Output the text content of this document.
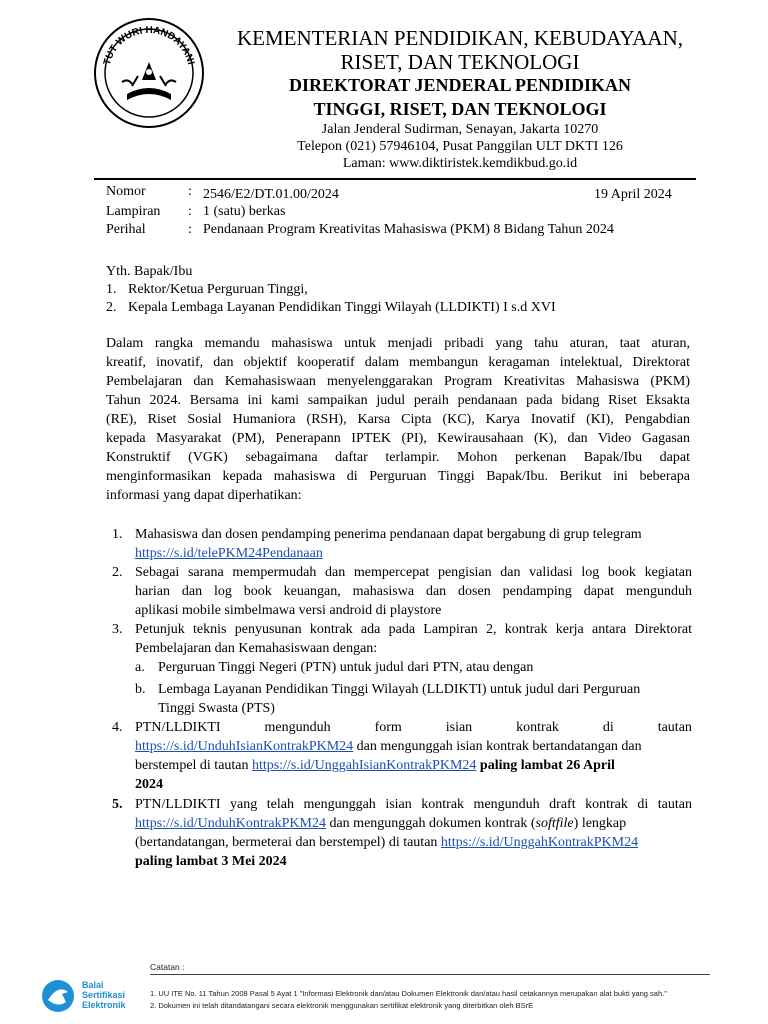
TUT WURI HANDAYANI
KEMENTERIAN PENDIDIKAN, KEBUDAYAAN,
RISET, DAN TEKNOLOGI
DIREKTORAT JENDERAL PENDIDIKAN
TINGGI, RISET, DAN TEKNOLOGI
Jalan Jenderal Sudirman, Senayan, Jakarta 10270
Telepon (021) 57946104, Pusat Panggilan ULT DKTI 126
Laman: www.diktiristek.kemdikbud.go.id
Nomor	: 2546/E2/DT.01.00/2024	19 April 2024
Lampiran : 1 (satu) berkas
Perihal	: Pendanaan Program Kreativitas Mahasiswa (PKM) 8 Bidang Tahun 2024
Yth. Bapak/Ibu
1. Rektor/Ketua Perguruan Tinggi,
2. Kepala Lembaga Layanan Pendidikan Tinggi Wilayah (LLDIKTI) I s.d XVI
Dalam rangka memandu mahasiswa untuk menjadi pribadi yang tahu aturan, taat aturan,
kreatif, inovatif, dan objektif kooperatif dalam membangun keragaman intelektual, Direktorat
Pembelajaran dan Kemahasiswaan menyelenggarakan Program Kreativitas Mahasiswa (PKM)
Tahun 2024. Bersama ini kami sampaikan judul peraih pendanaan pada bidang Riset Eksakta
(RE), Riset Sosial Humaniora (RSH), Karsa Cipta (KC), Karya Inovatif (KI), Pengabdian
kepada Masyarakat (PM), Penerapann IPTEK (PI), Kewirausahaan (K), dan Video Gagasan
Konstruktif (VGK) sebagaimana daftar terlampir. Mohon perkenan Bapak/Ibu dapat
menginformasikan kepada mahasiswa di Perguruan Tinggi Bapak/Ibu. Berikut ini beberapa
informasi yang dapat diperhatikan:
1. Mahasiswa dan dosen pendamping penerima pendanaan dapat bergabung di grup telegram
https://s.id/telePKM24Pendanaan
2. Sebagai sarana mempermudah dan mempercepat pengisian dan validasi log book kegiatan
harian dan log book keuangan, mahasiswa dan dosen pendamping dapat mengunduh
aplikasi mobile simbelmawa versi android di playstore
3. Petunjuk teknis penyusunan kontrak ada pada Lampiran 2, kontrak kerja antara Direktorat
Pembelajaran dan Kemahasiswaan dengan:
a. Perguruan Tinggi Negeri (PTN) untuk judul dari PTN, atau dengan
b. Lembaga Layanan Pendidikan Tinggi Wilayah (LLDIKTI) untuk judul dari Perguruan
Tinggi Swasta (PTS)
4. PTN/LLDIKTI	mengunduh	form	isian	kontrak	di	tautan
https://s.id/UnduhIsianKontrakPKM24 dan mengunggah isian kontrak bertandatangan dan
berstempel di tautan https://s.id/UnggahIsianKontrakPKM24 paling lambat 26 April
2024
5. PTN/LLDIKTI yang telah mengunggah isian kontrak mengunduh draft kontrak di tautan
https://s.id/UnduhKontrakPKM24 dan mengunggah dokumen kontrak (softfile) lengkap
(bertandatangan, bermeterai dan berstempel) di tautan https://s.id/UnggahKontrakPKM24
paling lambat 3 Mei 2024
Balai
Sertifikasi
Elektronik
Catatan :
1. UU ITE No. 11 Tahun 2008 Pasal 5 Ayat 1 "Informasi Elektronik dan/atau Dokumen Elektronik dan/atau hasil cetakannya merupakan alat bukti yang sah."
2. Dokumen ini telah ditandatangani secara elektronik menggunakan sertifikat elektronik yang diterbitkan oleh BSrE
